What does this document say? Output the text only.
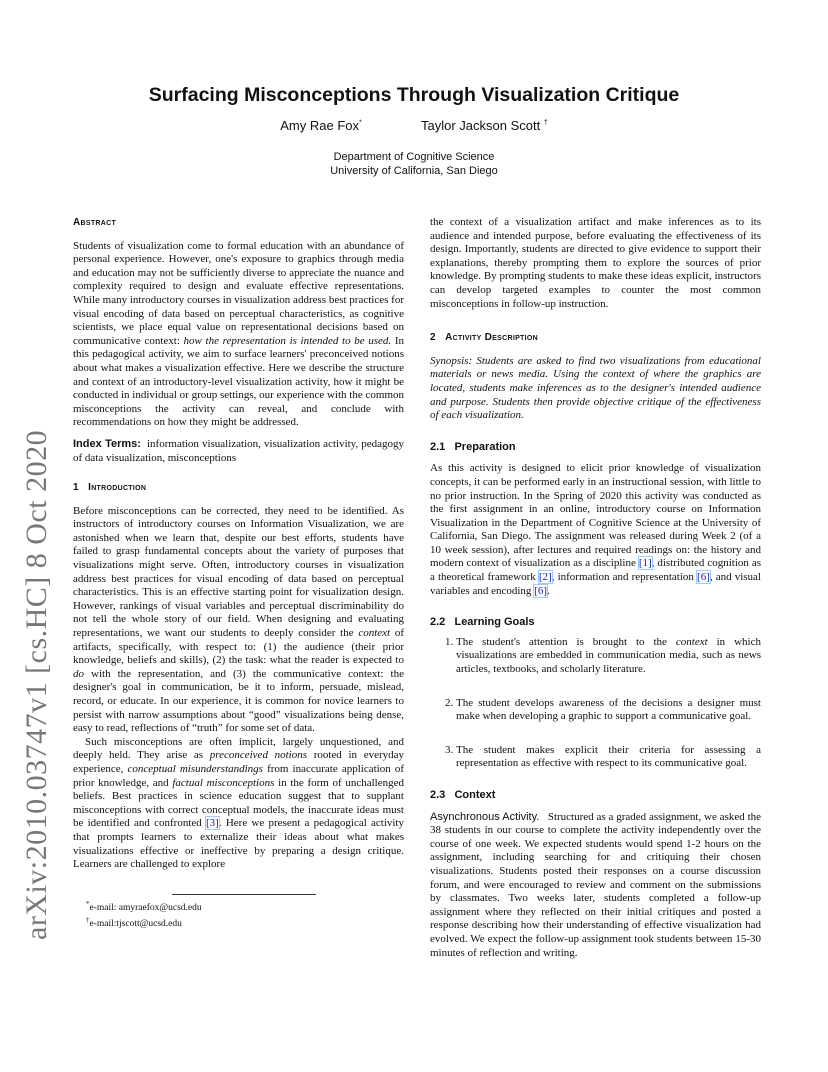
Surfacing Misconceptions Through Visualization Critique
Amy Rae Fox*	Taylor Jackson Scott †
Department of Cognitive Science
University of California, San Diego
arXiv:2010.03747v1 [cs.HC] 8 Oct 2020

Abstract

Students of visualization come to formal education with an abundance of personal experience. However, one's exposure to graphics through media and education may not be sufficiently diverse to appreciate the nuance and complexity required to design and evaluate effective representations. While many introductory courses in visualization address best practices for visual encoding of data based on perceptual characteristics, as cognitive scientists, we place equal value on representational decisions based on communicative context: how the representation is intended to be used. In this pedagogical activity, we aim to surface learners' preconceived notions about what makes a visualization effective. Here we describe the structure and context of an introductory-level visualization activity, how it might be conducted in individual or group settings, our experience with the common misconceptions the activity can reveal, and conclude with recommendations on how they might be addressed.

Index Terms: information visualization, visualization activity, pedagogy of data visualization, misconceptions

1 Introduction

Before misconceptions can be corrected, they need to be identified. As instructors of introductory courses on Information Visualization, we are astonished when we learn that, despite our best efforts, students have failed to grasp fundamental concepts about the variety of purposes that visualizations might serve. Often, introductory courses in visualization address best practices for visual encoding of data based on perceptual characteristics. This is an effective starting point for visualization design. However, rankings of visual variables and perceptual discriminability do not tell the whole story of our field. When designing and evaluating representations, we want our students to deeply consider the context of artifacts, specifically, with respect to: (1) the audience (their prior knowledge, beliefs and skills), (2) the task: what the reader is expected to do with the representation, and (3) the communicative context: the designer's goal in communication, be it to inform, persuade, mislead, record, or educate. In our experience, it is common for novice learners to persist with narrow assumptions about “good” visualizations being dense, easy to read, reflections of “truth” for some set of data.

Such misconceptions are often implicit, largely unquestioned, and deeply held. They arise as preconceived notions rooted in everyday experience, conceptual misunderstandings from inaccurate application of prior knowledge, and factual misconceptions in the form of unchallenged beliefs. Best practices in science education suggest that to supplant misconceptions with correct conceptual models, the inaccurate ideas must be identified and confronted [3]. Here we present a pedagogical activity that prompts learners to externalize their ideas about what makes visualizations effective or ineffective by preparing a design critique. Learners are challenged to explore

*e-mail: amyraefox@ucsd.edu
†e-mail:tjscott@ucsd.edu

the context of a visualization artifact and make inferences as to its audience and intended purpose, before evaluating the effectiveness of its design. Importantly, students are directed to give evidence to support their explanations, thereby prompting them to explore the sources of prior knowledge. By prompting students to make these ideas explicit, instructors can develop targeted examples to counter the most common misconceptions in follow-up instruction.

2 Activity Description

Synopsis: Students are asked to find two visualizations from educational materials or news media. Using the context of where the graphics are located, students make inferences as to the designer's intended audience and purpose. Students then provide objective critique of the effectiveness of each visualization.

2.1 Preparation

As this activity is designed to elicit prior knowledge of visualization concepts, it can be performed early in an instructional session, with little to no prior instruction. In the Spring of 2020 this activity was conducted as the first assignment in an online, introductory course on Information Visualization in the Department of Cognitive Science at the University of California, San Diego. The assignment was released during Week 2 (of a 10 week session), after lectures and required readings on: the history and modern context of visualization as a discipline [1], distributed cognition as a theoretical framework [2], information and representation [6], and visual variables and encoding [6].

2.2 Learning Goals

1. The student's attention is brought to the context in which visualizations are embedded in communication media, such as news articles, textbooks, and scholarly literature.
2. The student develops awareness of the decisions a designer must make when developing a graphic to support a communicative goal.
3. The student makes explicit their criteria for assessing a representation as effective with respect to its communicative goal.

2.3 Context

Asynchronous Activity. Structured as a graded assignment, we asked the 38 students in our course to complete the activity independently over the course of one week. We expected students would spend 1-2 hours on the assignment, including searching for and critiquing their chosen visualizations. Students posted their responses on a course discussion forum, and were encouraged to review and comment on the submissions by classmates. Two weeks later, students completed a follow-up assignment where they reflected on their initial critiques and posted a response describing how their understanding of effective visualization had evolved. We expect the follow-up assignment took students between 15-30 minutes of reflection and writing.
